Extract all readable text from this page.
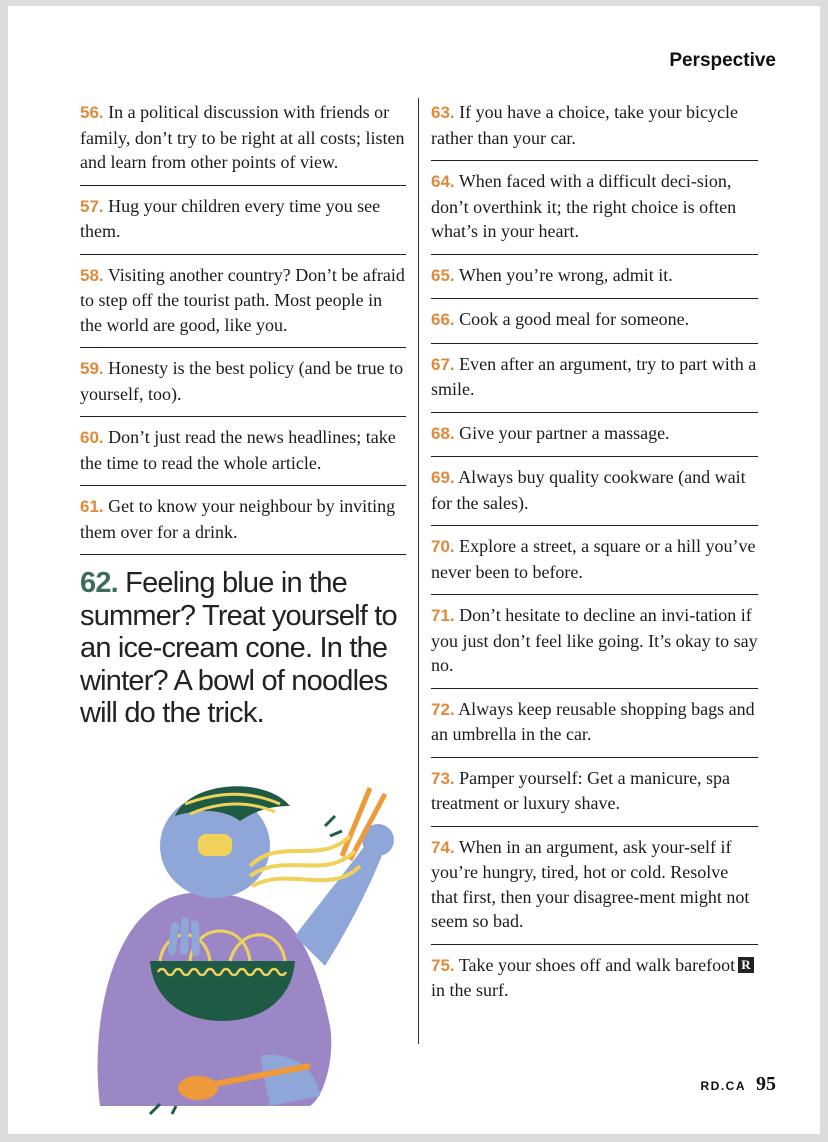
Perspective
56. In a political discussion with friends or family, don’t try to be right at all costs; listen and learn from other points of view.
57. Hug your children every time you see them.
58. Visiting another country? Don’t be afraid to step off the tourist path. Most people in the world are good, like you.
59. Honesty is the best policy (and be true to yourself, too).
60. Don’t just read the news headlines; take the time to read the whole article.
61. Get to know your neighbour by inviting them over for a drink.
62. Feeling blue in the summer? Treat yourself to an ice-cream cone. In the winter? A bowl of noodles will do the trick.
63. If you have a choice, take your bicycle rather than your car.
64. When faced with a difficult deci-sion, don’t overthink it; the right choice is often what’s in your heart.
65. When you’re wrong, admit it.
66. Cook a good meal for someone.
67. Even after an argument, try to part with a smile.
68. Give your partner a massage.
69. Always buy quality cookware (and wait for the sales).
70. Explore a street, a square or a hill you’ve never been to before.
71. Don’t hesitate to decline an invi-tation if you just don’t feel like going. It’s okay to say no.
72. Always keep reusable shopping bags and an umbrella in the car.
73. Pamper yourself: Get a manicure, spa treatment or luxury shave.
74. When in an argument, ask your-self if you’re hungry, tired, hot or cold. Resolve that first, then your disagree-ment might not seem so bad.
R
75. Take your shoes off and walk barefoot in the surf.
RD.CA 95
